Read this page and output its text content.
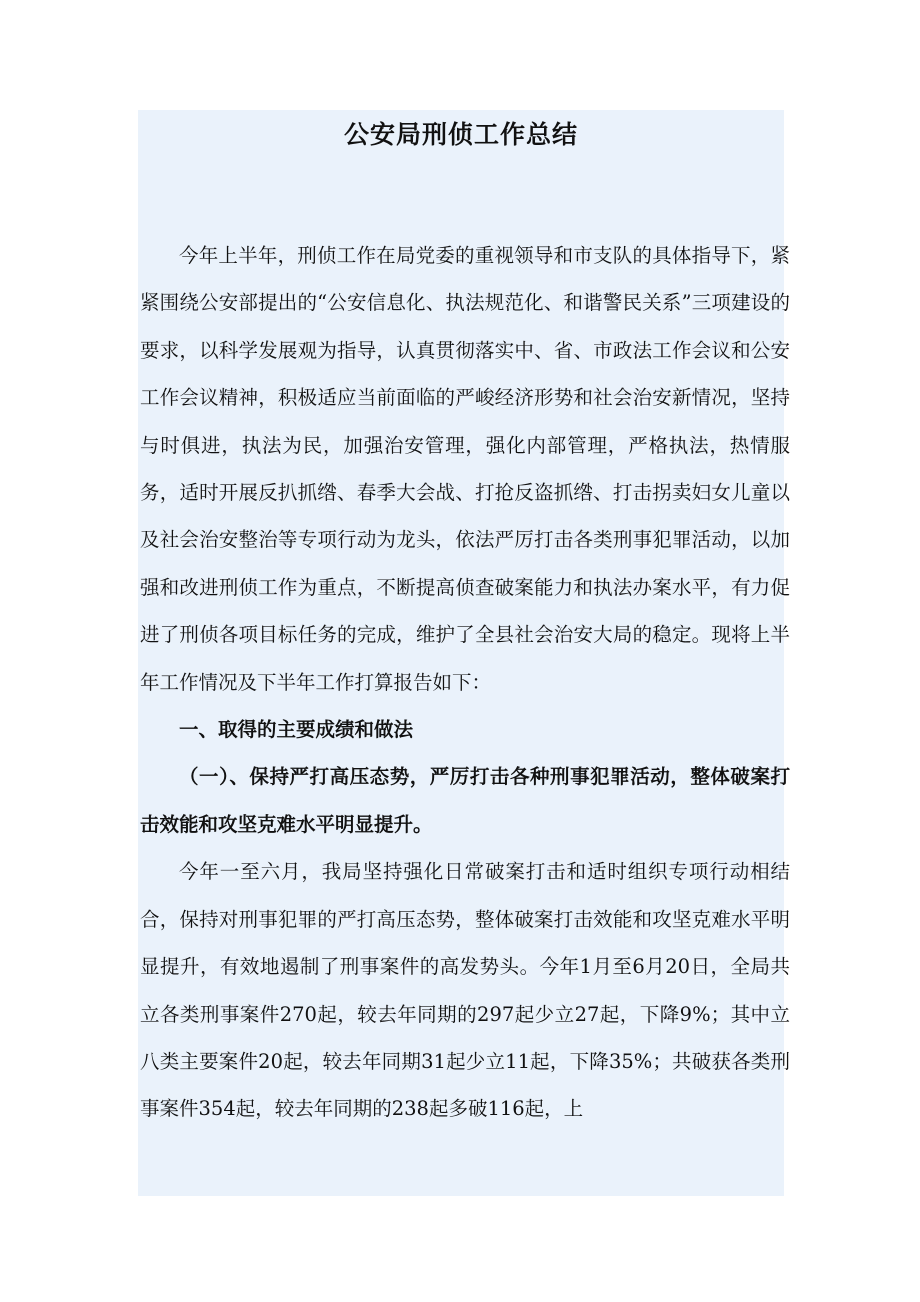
公安局刑侦工作总结

今年上半年，刑侦工作在局党委的重视领导和市支队的具体指导下，紧紧围绕公安部提出的“公安信息化、执法规范化、和谐警民关系”三项建设的要求，以科学发展观为指导，认真贯彻落实中、省、市政法工作会议和公安工作会议精神，积极适应当前面临的严峻经济形势和社会治安新情况，坚持与时俱进，执法为民，加强治安管理，强化内部管理，严格执法，热情服务，适时开展反扒抓绺、春季大会战、打抢反盗抓绺、打击拐卖妇女儿童以及社会治安整治等专项行动为龙头，依法严厉打击各类刑事犯罪活动，以加强和改进刑侦工作为重点，不断提高侦查破案能力和执法办案水平，有力促进了刑侦各项目标任务的完成，维护了全县社会治安大局的稳定。现将上半年工作情况及下半年工作打算报告如下：

一、取得的主要成绩和做法

（一）、保持严打高压态势，严厉打击各种刑事犯罪活动，整体破案打击效能和攻坚克难水平明显提升。

今年一至六月，我局坚持强化日常破案打击和适时组织专项行动相结合，保持对刑事犯罪的严打高压态势，整体破案打击效能和攻坚克难水平明显提升，有效地遏制了刑事案件的高发势头。今年1月至6月20日，全局共立各类刑事案件270起，较去年同期的297起少立27起，下降9%；其中立八类主要案件20起，较去年同期31起少立11起，下降35%；共破获各类刑事案件354起，较去年同期的238起多破116起，上
